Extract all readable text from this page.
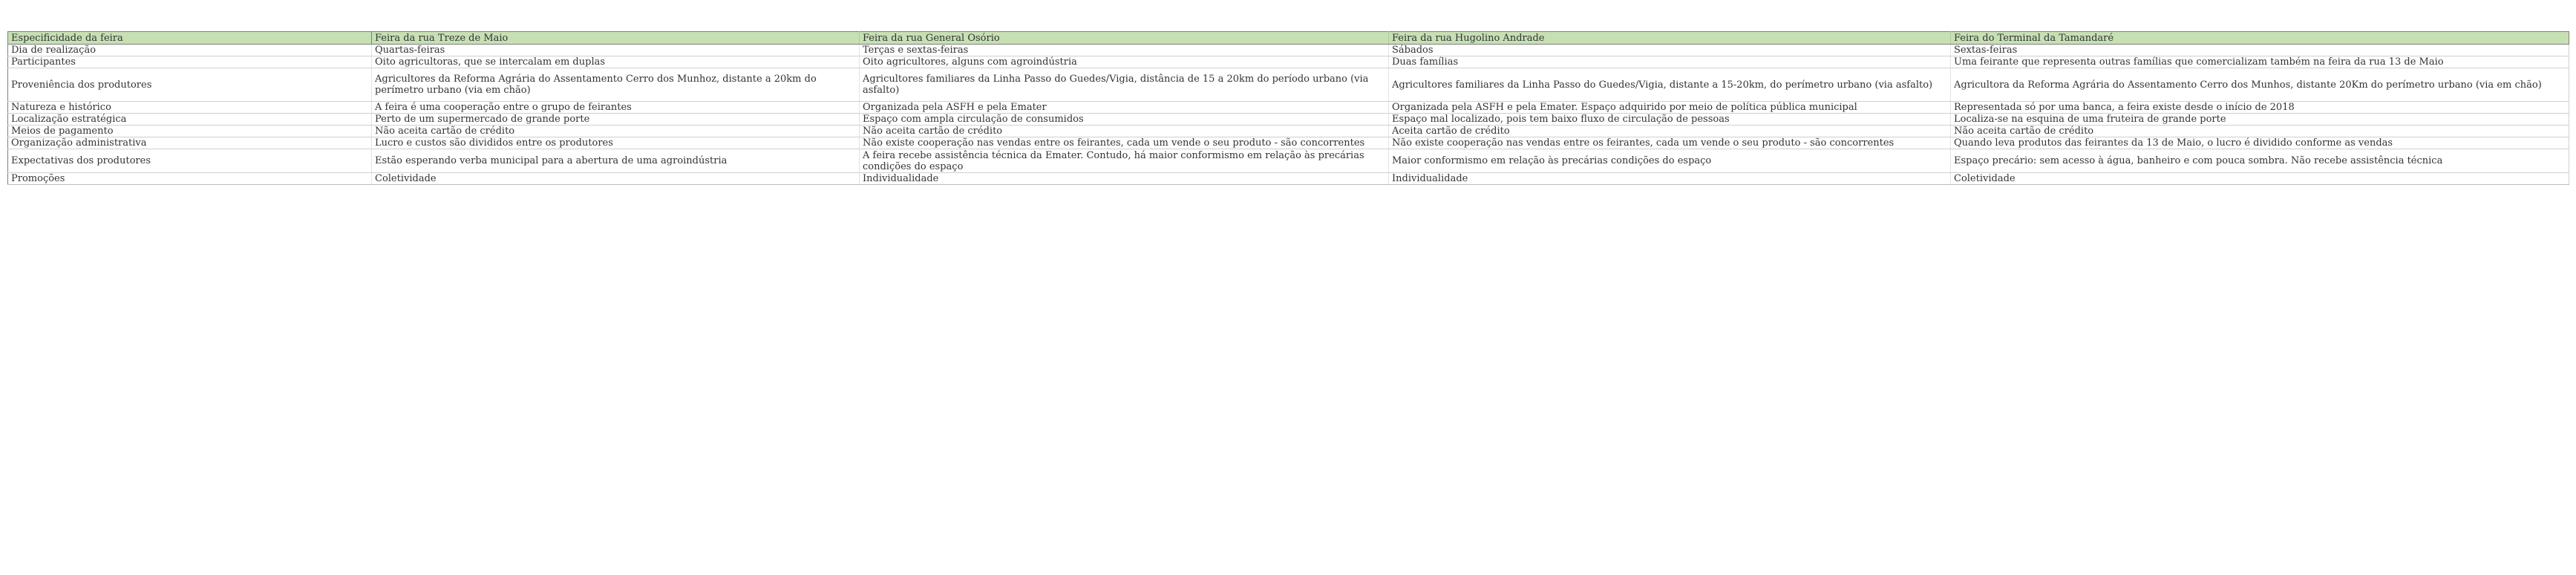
Especificidade da feira	Feira da rua Treze de Maio	Feira da rua General Osório	Feira da rua Hugolino Andrade	Feira do Terminal da Tamandaré
Dia de realização	Quartas-feiras	Terças e sextas-feiras	Sábados	Sextas-feiras
Participantes	Oito agricultoras, que se intercalam em duplas	Oito agricultores, alguns com agroindústria	Duas famílias	Uma feirante que representa outras famílias que comercializam também na feira da rua 13 de Maio
Proveniência dos produtores	Agricultores da Reforma Agrária do Assentamento Cerro dos Munhoz, distante a 20km do perímetro urbano (via em chão)	Agricultores familiares da Linha Passo do Guedes/Vigia, distância de 15 a 20km do período urbano (via asfalto)	Agricultores familiares da Linha Passo do Guedes/Vigia, distante a 15-20km, do perímetro urbano (via asfalto)	Agricultora da Reforma Agrária do Assentamento Cerro dos Munhos, distante 20Km do perímetro urbano (via em chão)
Natureza e histórico	A feira é uma cooperação entre o grupo de feirantes	Organizada pela ASFH e pela Emater	Organizada pela ASFH e pela Emater. Espaço adquirido por meio de política pública municipal	Representada só por uma banca, a feira existe desde o início de 2018
Localização estratégica	Perto de um supermercado de grande porte	Espaço com ampla circulação de consumidos	Espaço mal localizado, pois tem baixo fluxo de circulação de pessoas	Localiza-se na esquina de uma fruteira de grande porte
Meios de pagamento	Não aceita cartão de crédito	Não aceita cartão de crédito	Aceita cartão de crédito	Não aceita cartão de crédito
Organização administrativa	Lucro e custos são divididos entre os produtores	Não existe cooperação nas vendas entre os feirantes, cada um vende o seu produto - são concorrentes	Não existe cooperação nas vendas entre os feirantes, cada um vende o seu produto - são concorrentes	Quando leva produtos das feirantes da 13 de Maio, o lucro é dividido conforme as vendas
Expectativas dos produtores	Estão esperando verba municipal para a abertura de uma agroindústria	A feira recebe assistência técnica da Emater. Contudo, há maior conformismo em relação às precárias condições do espaço	Maior conformismo em relação às precárias condições do espaço	Espaço precário: sem acesso à água, banheiro e com pouca sombra. Não recebe assistência técnica
Promoções	Coletividade	Individualidade	Individualidade	Coletividade
